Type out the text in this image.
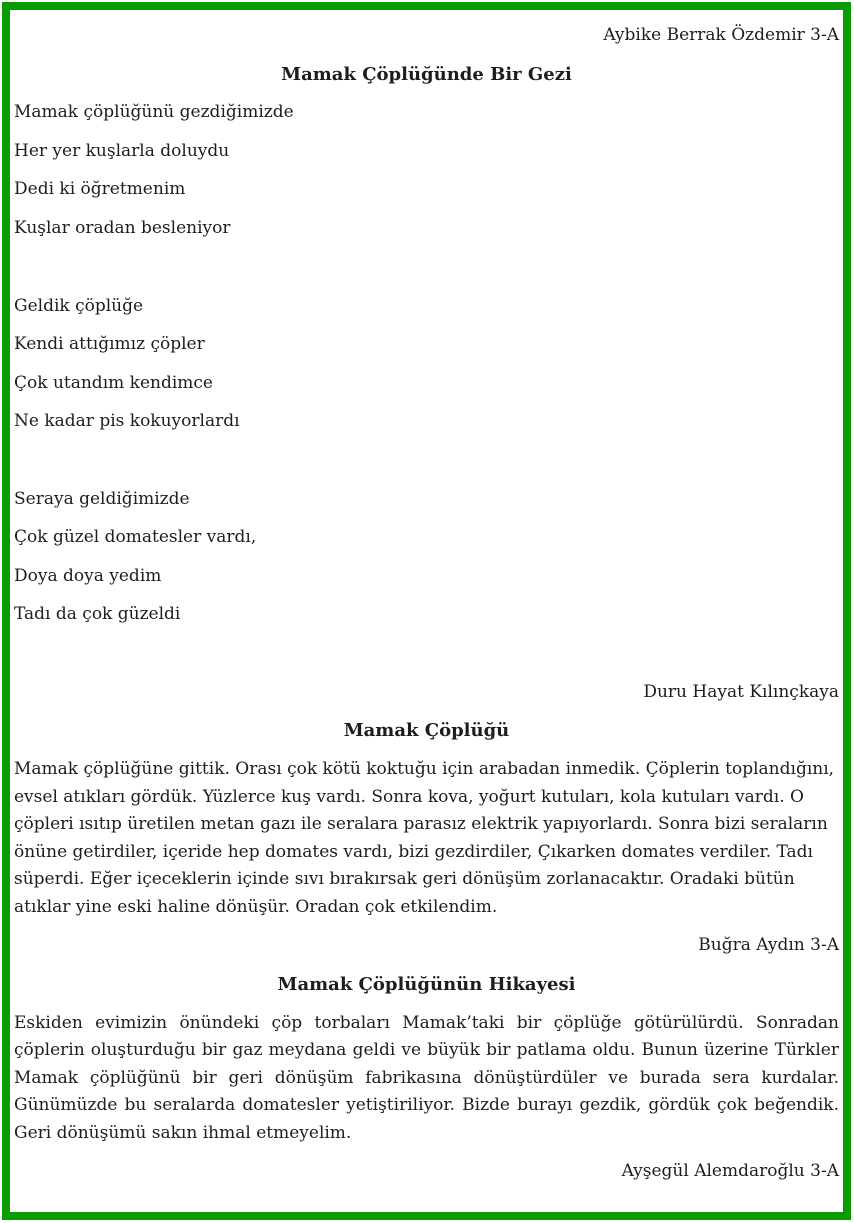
Aybike Berrak Özdemir 3-A

Mamak Çöplüğünde Bir Gezi

Mamak çöplüğünü gezdiğimizde

Her yer kuşlarla doluydu

Dedi ki öğretmenim

Kuşlar oradan besleniyor

Geldik çöplüğe

Kendi attığımız çöpler

Çok utandım kendimce

Ne kadar pis kokuyorlardı

Seraya geldiğimizde

Çok güzel domatesler vardı,

Doya doya yedim

Tadı da çok güzeldi

Duru Hayat Kılınçkaya

Mamak Çöplüğü

Mamak çöplüğüne gittik. Orası çok kötü koktuğu için arabadan inmedik. Çöplerin toplandığını, evsel atıkları gördük. Yüzlerce kuş vardı. Sonra kova, yoğurt kutuları, kola kutuları vardı. O çöpleri ısıtıp üretilen metan gazı ile seralara parasız elektrik yapıyorlardı. Sonra bizi seraların önüne getirdiler, içeride hep domates vardı, bizi gezdirdiler, Çıkarken domates verdiler. Tadı süperdi. Eğer içeceklerin içinde sıvı bırakırsak geri dönüşüm zorlanacaktır. Oradaki bütün atıklar yine eski haline dönüşür. Oradan çok etkilendim.

Buğra Aydın 3-A

Mamak Çöplüğünün Hikayesi

Eskiden evimizin önündeki çöp torbaları Mamak’taki bir çöplüğe götürülürdü. Sonradan çöplerin oluşturduğu bir gaz meydana geldi ve büyük bir patlama oldu. Bunun üzerine Türkler Mamak çöplüğünü bir geri dönüşüm fabrikasına dönüştürdüler ve burada sera kurdalar. Günümüzde bu seralarda domatesler yetiştiriliyor. Bizde burayı gezdik, gördük çok beğendik. Geri dönüşümü sakın ihmal etmeyelim.

Ayşegül Alemdaroğlu 3-A
